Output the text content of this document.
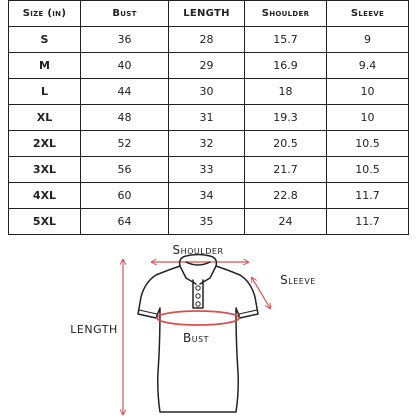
Size (in)	Bust	LENGTH	Shoulder	Sleeve
S	36	28	15.7	9
M	40	29	16.9	9.4
L	44	30	18	10
XL	48	31	19.3	10
2XL	52	32	20.5	10.5
3XL	56	33	21.7	10.5
4XL	60	34	22.8	11.7
5XL	64	35	24	11.7
Shoulder
Sleeve
LENGTH
Bust
